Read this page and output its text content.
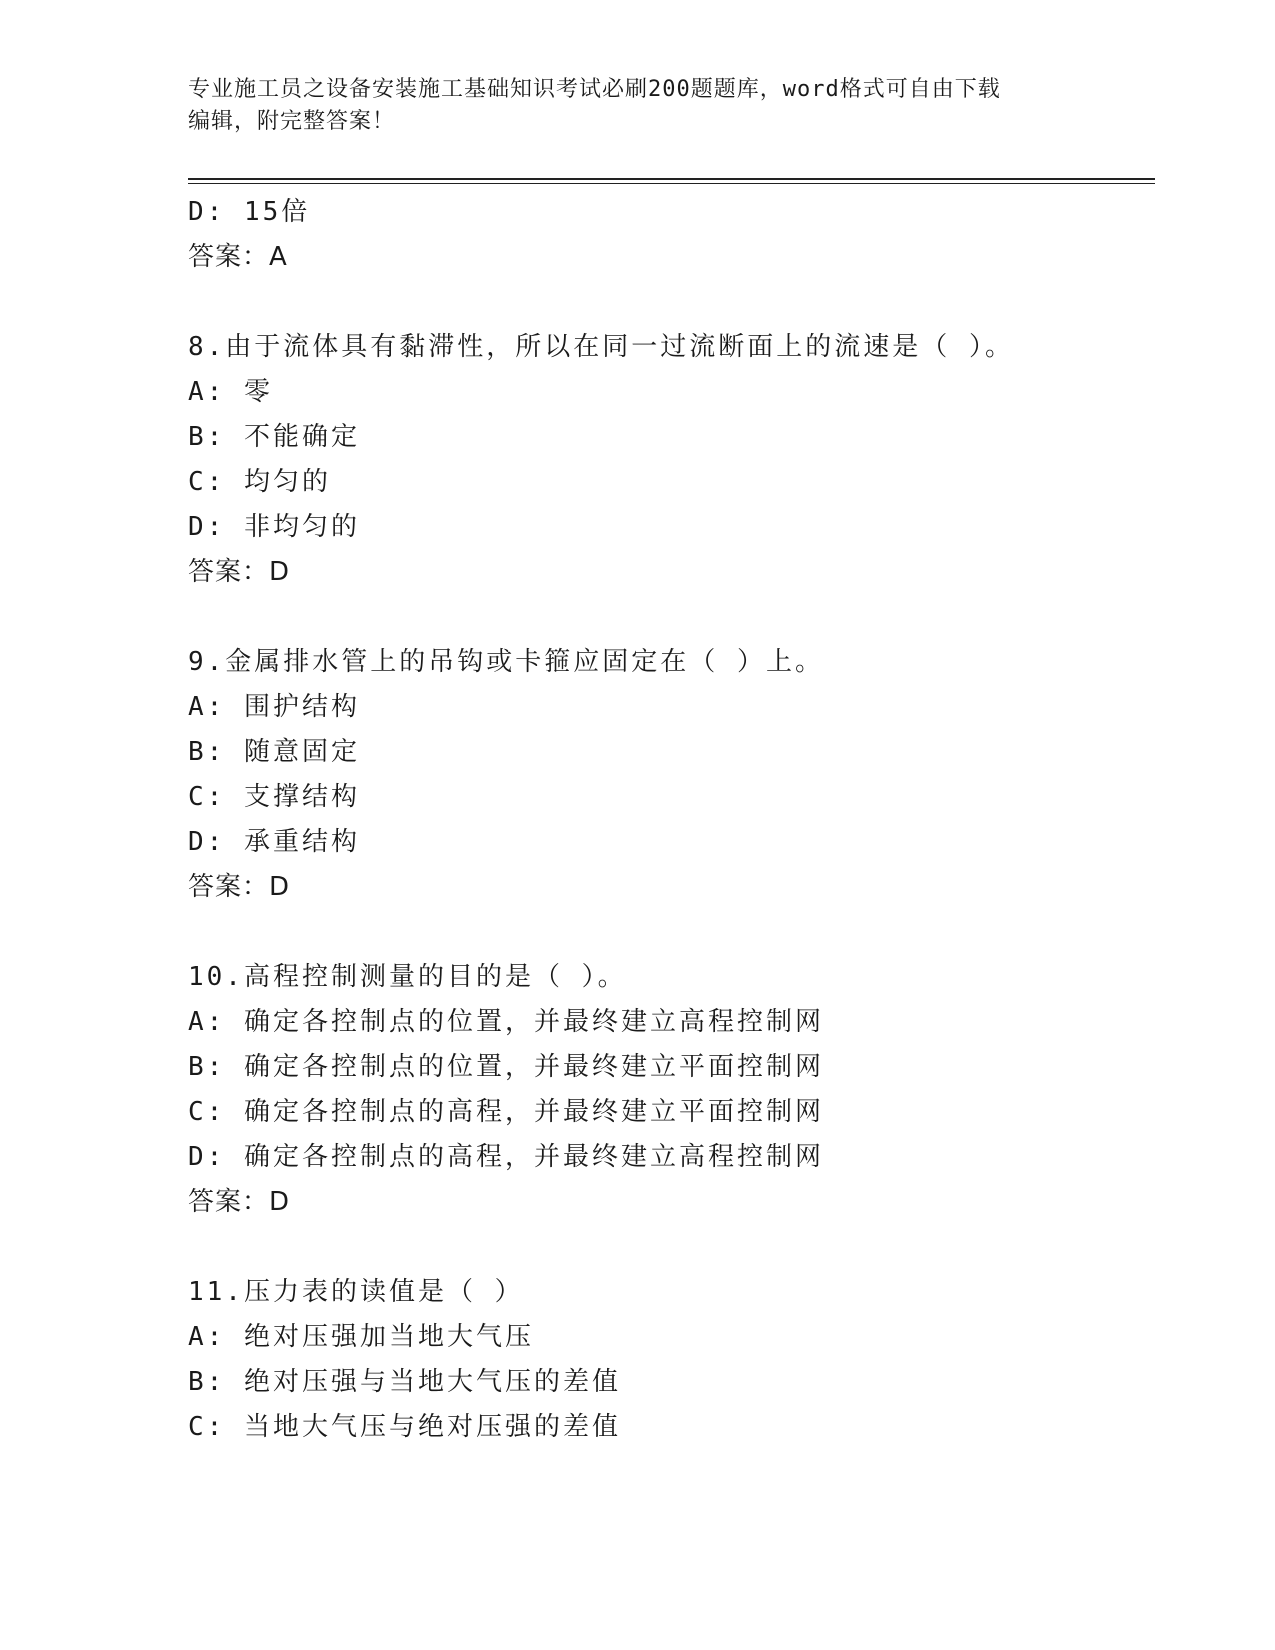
专业施工员之设备安装施工基础知识考试必刷200题题库，word格式可自由下载
编辑，附完整答案！
D: 15倍
答案：A
8.由于流体具有黏滞性，所以在同一过流断面上的流速是（ ）。
A: 零
B: 不能确定
C: 均匀的
D: 非均匀的
答案：D
9.金属排水管上的吊钩或卡箍应固定在（ ）上。
A: 围护结构
B: 随意固定
C: 支撑结构
D: 承重结构
答案：D
10.高程控制测量的目的是（ ）。
A: 确定各控制点的位置，并最终建立高程控制网
B: 确定各控制点的位置，并最终建立平面控制网
C: 确定各控制点的高程，并最终建立平面控制网
D: 确定各控制点的高程，并最终建立高程控制网
答案：D
11.压力表的读值是（ ）
A: 绝对压强加当地大气压
B: 绝对压强与当地大气压的差值
C: 当地大气压与绝对压强的差值
